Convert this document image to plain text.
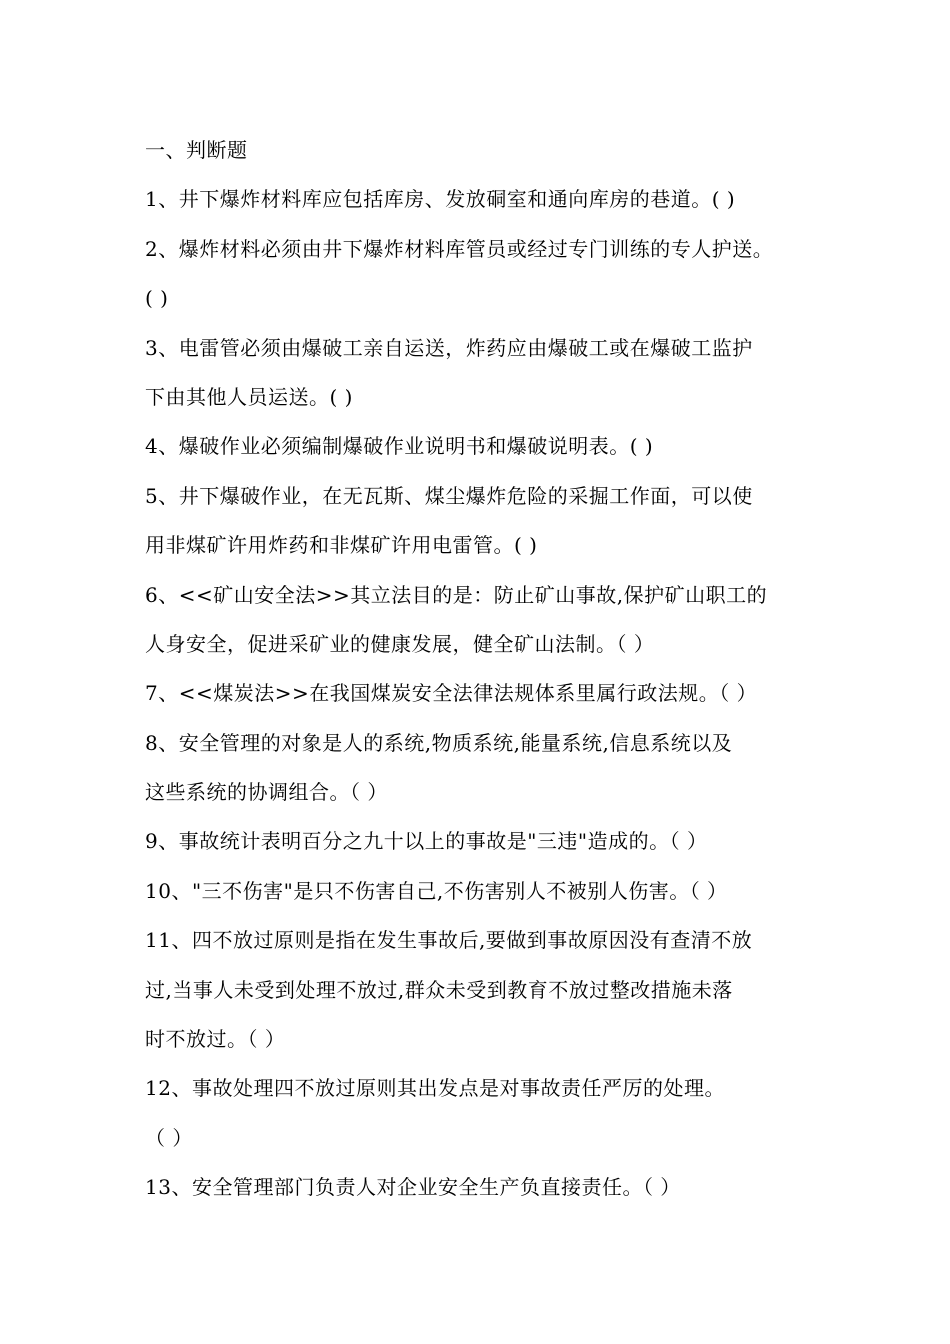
一、判断题
1、井下爆炸材料库应包括库房、发放硐室和通向库房的巷道。( )
2、爆炸材料必须由井下爆炸材料库管员或经过专门训练的专人护送。
( )
3、电雷管必须由爆破工亲自运送，炸药应由爆破工或在爆破工监护
下由其他人员运送。( )
4、爆破作业必须编制爆破作业说明书和爆破说明表。( )
5、井下爆破作业，在无瓦斯、煤尘爆炸危险的采掘工作面，可以使
用非煤矿许用炸药和非煤矿许用电雷管。( )
6、<<矿山安全法>>其立法目的是：防止矿山事故,保护矿山职工的
人身安全，促进采矿业的健康发展，健全矿山法制。（ ）
7、<<煤炭法>>在我国煤炭安全法律法规体系里属行政法规。（ ）
8、安全管理的对象是人的系统,物质系统,能量系统,信息系统以及
这些系统的协调组合。（ ）
9、事故统计表明百分之九十以上的事故是"三违"造成的。（ ）
10、"三不伤害"是只不伤害自己,不伤害别人不被别人伤害。（ ）
11、四不放过原则是指在发生事故后,要做到事故原因没有查清不放
过,当事人未受到处理不放过,群众未受到教育不放过整改措施未落
时不放过。（ ）
12、事故处理四不放过原则其出发点是对事故责任严厉的处理。
（ ）
13、安全管理部门负责人对企业安全生产负直接责任。（ ）
